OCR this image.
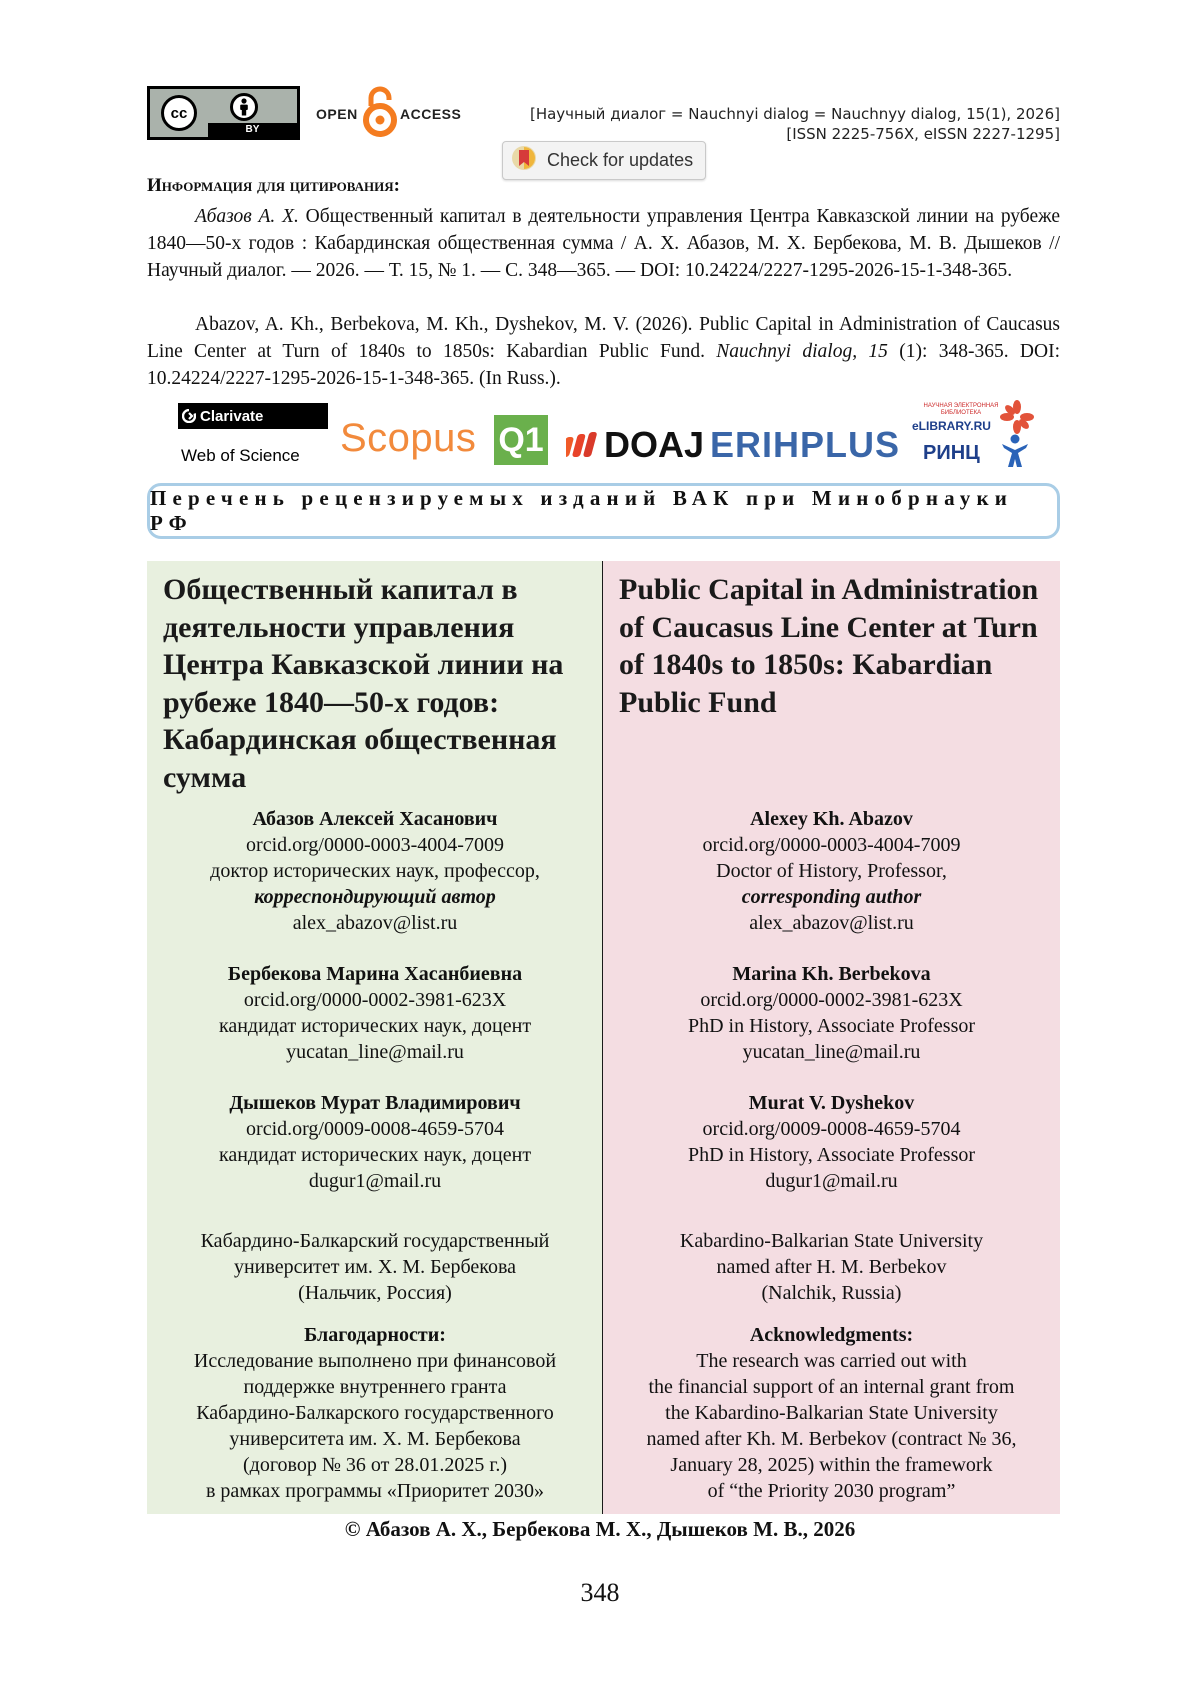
cc
BY
OPEN	ACCESS	[Научный диалог = Nauchnyi dialog = Nauchnyy dialog, 15(1), 2026]
[ISSN 2225-756X, eISSN 2227-1295]
Check for updates
Информация для цитирования:

Абазов А. Х. Общественный капитал в деятельности управления Центра Кавказской линии на рубеже 1840—50-х годов : Кабардинская общественная сумма / А. Х. Абазов, М. Х. Бербекова, М. В. Дышеков // Научный диалог. — 2026. — Т. 15, № 1. — С. 348—365. — DOI: 10.24224/2227-1295-2026-15-1-348-365.

Abazov, A. Kh., Berbekova, M. Kh., Dyshekov, M. V. (2026). Public Capital in Administration of Caucasus Line Center at Turn of 1840s to 1850s: Kabardian Public Fund. Nauchnyi dialog, 15 (1): 348-365. DOI: 10.24224/2227-1295-2026-15-1-348-365. (In Russ.).

Clarivate
Web of Science Scopus Q1 DOAJ ERIHPLUS
НАУЧНАЯ ЭЛЕКТРОННАЯ БИБЛИОТЕКА
eLIBRARY.RU
РИНЦ
Перечень рецензируемых изданий ВАК при Минобрнауки РФ
Общественный капитал в деятельности управления Центра Кавказской линии на рубеже 1840—50-х годов: Кабардинская общественная сумма
Абазов Алексей Хасанович
orcid.org/0000-0003-4004-7009
доктор исторических наук, профессор,
корреспондирующий автор
alex_abazov@list.ru
Бербекова Марина Хасанбиевна
orcid.org/0000-0002-3981-623X
кандидат исторических наук, доцент
yucatan_line@mail.ru
Дышеков Мурат Владимирович
orcid.org/0009-0008-4659-5704
кандидат исторических наук, доцент
dugur1@mail.ru
Кабардино-Балкарский государственный
университет им. Х. М. Бербекова
(Нальчик, Россия)
Благодарности:
Исследование выполнено при финансовой
поддержке внутреннего гранта
Кабардино-Балкарского государственного
университета им. Х. М. Бербекова
(договор № 36 от 28.01.2025 г.)
в рамках программы «Приоритет 2030»
Public Capital in Administration of Caucasus Line Center at Turn of 1840s to 1850s: Kabardian Public Fund
Alexey Kh. Abazov
orcid.org/0000-0003-4004-7009
Doctor of History, Professor,
corresponding author
alex_abazov@list.ru
Marina Kh. Berbekova
orcid.org/0000-0002-3981-623X
PhD in History, Associate Professor
yucatan_line@mail.ru
Murat V. Dyshekov
orcid.org/0009-0008-4659-5704
PhD in History, Associate Professor
dugur1@mail.ru
Kabardino-Balkarian State University
named after H. M. Berbekov
(Nalchik, Russia)
Acknowledgments:
The research was carried out with
the financial support of an internal grant from
the Kabardino-Balkarian State University
named after Kh. M. Berbekov (contract № 36,
January 28, 2025) within the framework
of “the Priority 2030 program”
© Абазов А. Х., Бербекова М. Х., Дышеков М. В., 2026
348
